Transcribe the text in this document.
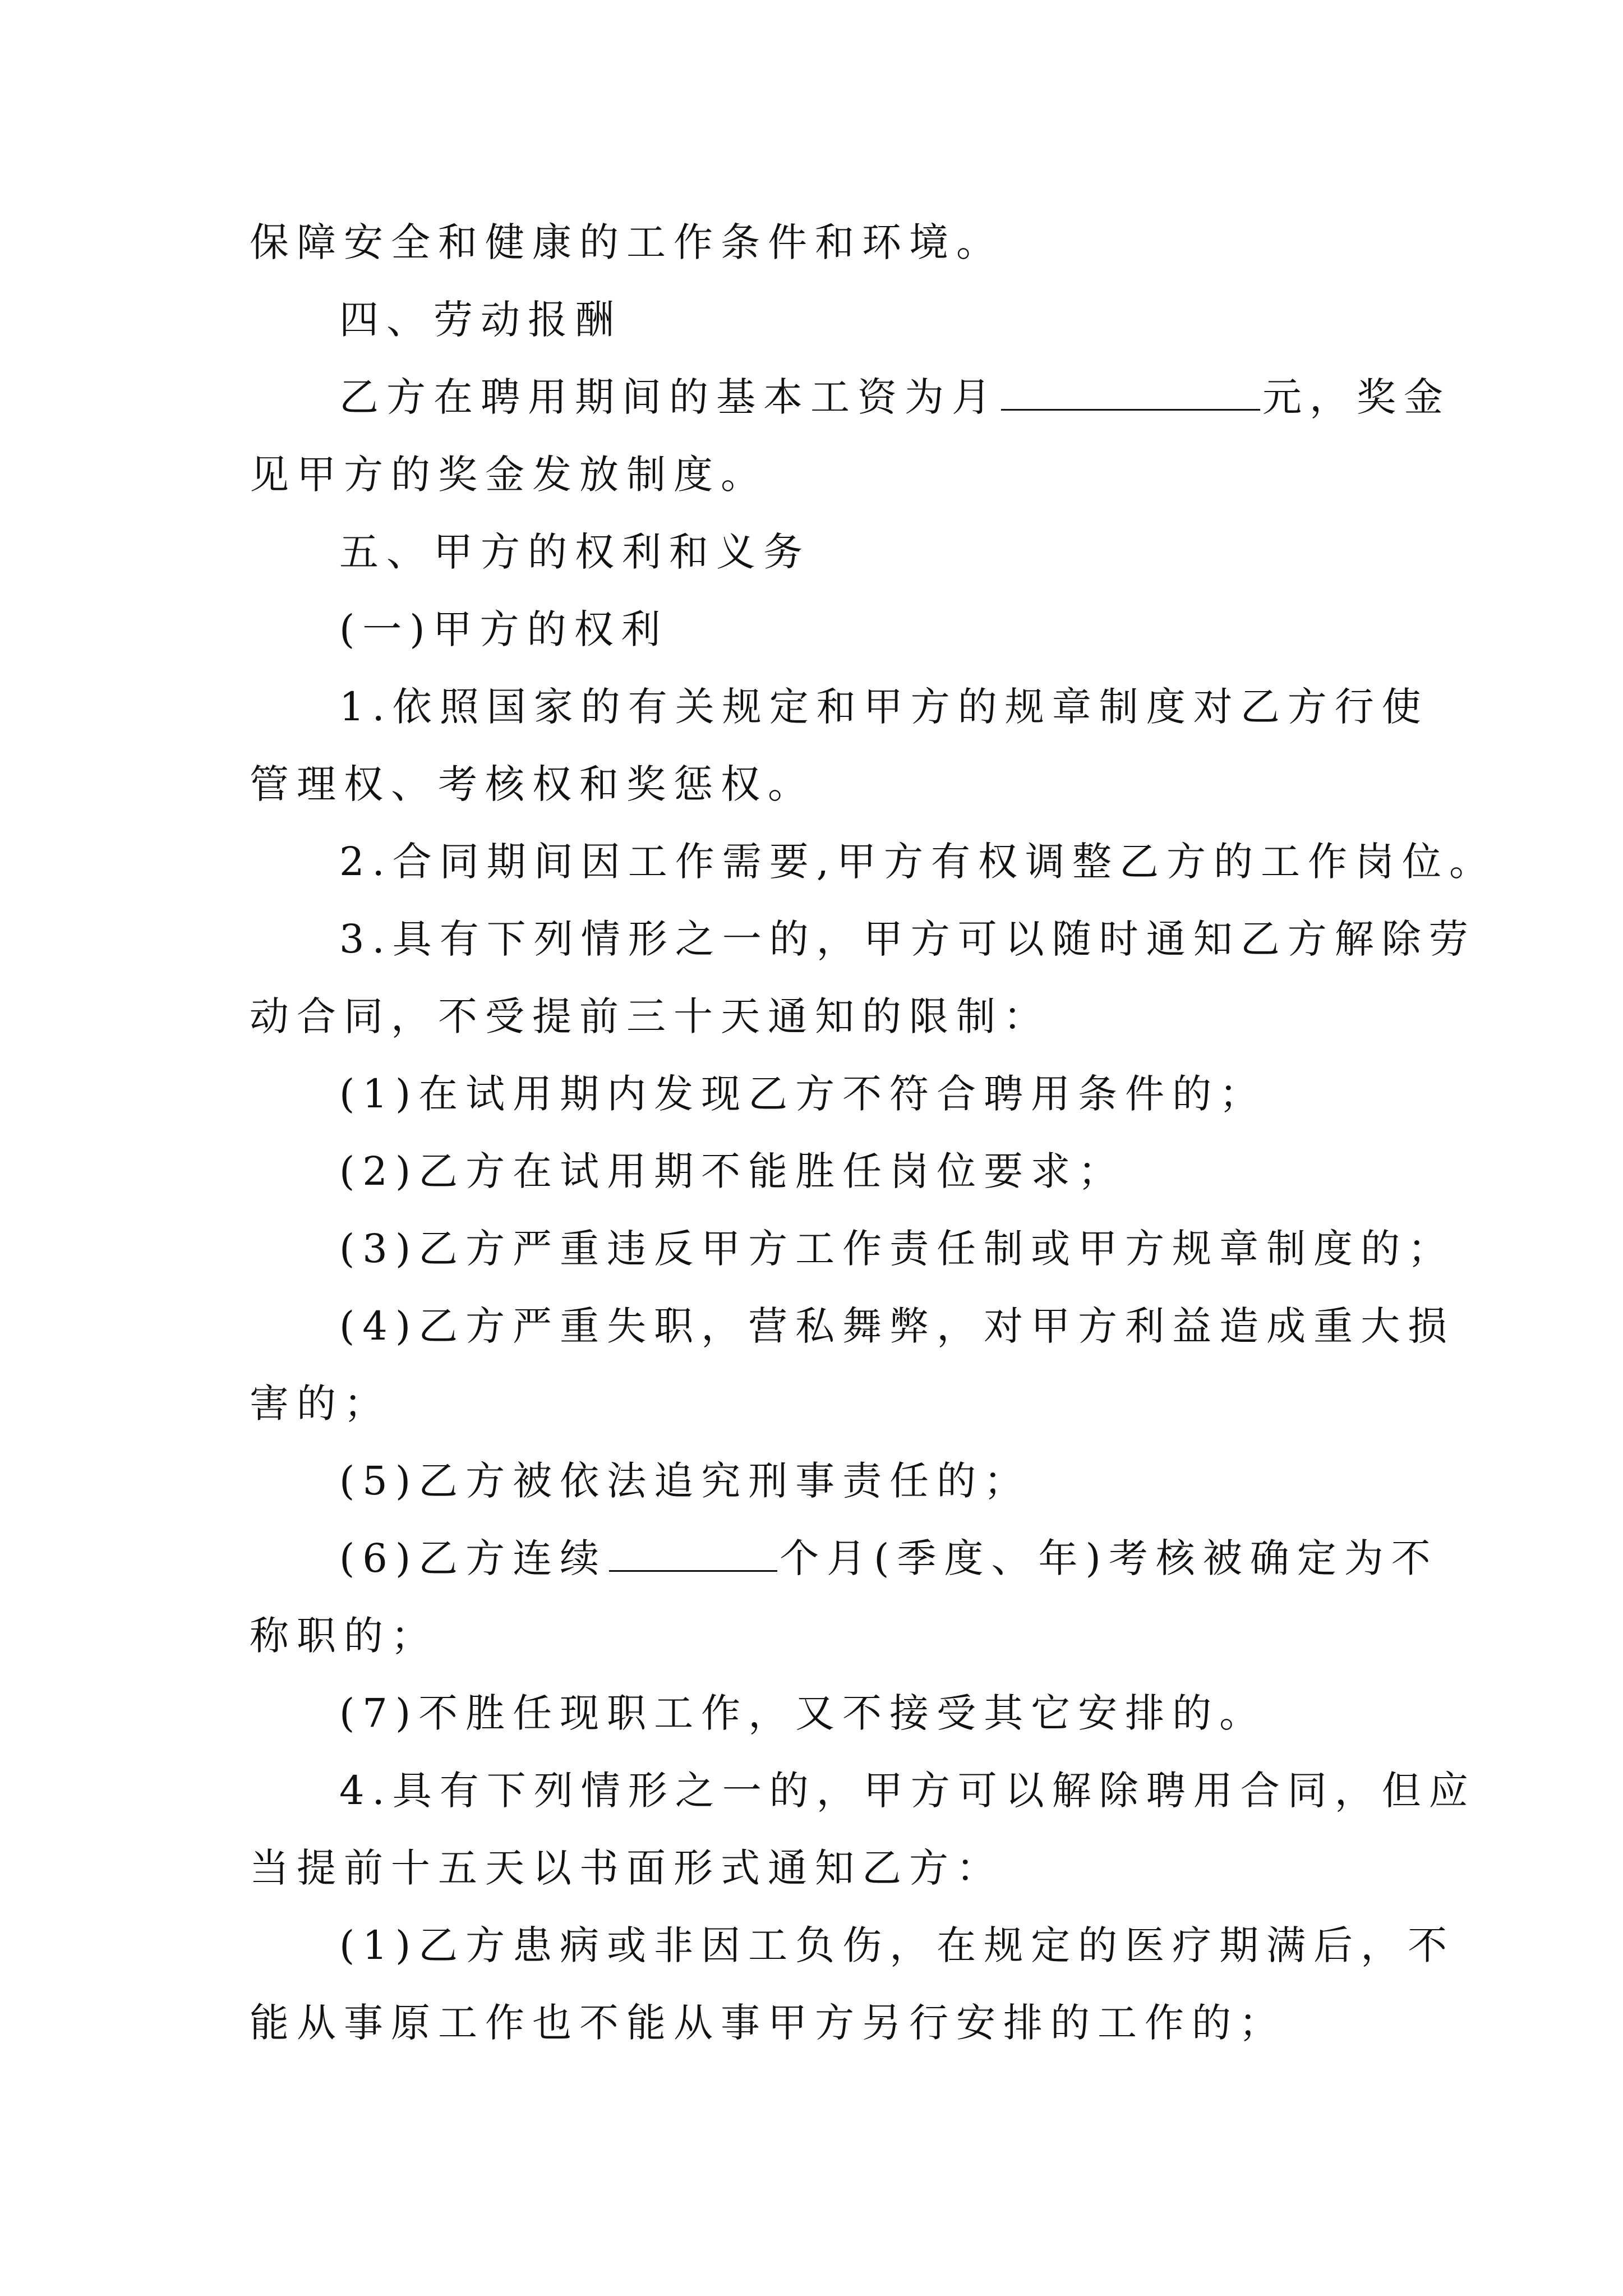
保障安全和健康的工作条件和环境。
四、劳动报酬
乙方在聘用期间的基本工资为月	元，奖金
见甲方的奖金发放制度。
五、甲方的权利和义务
(一)甲方的权利
1.依照国家的有关规定和甲方的规章制度对乙方行使
管理权、考核权和奖惩权。
2.合同期间因工作需要,甲方有权调整乙方的工作岗位。
3.具有下列情形之一的，甲方可以随时通知乙方解除劳
动合同，不受提前三十天通知的限制：
(1)在试用期内发现乙方不符合聘用条件的；
(2)乙方在试用期不能胜任岗位要求；
(3)乙方严重违反甲方工作责任制或甲方规章制度的；
(4)乙方严重失职，营私舞弊，对甲方利益造成重大损
害的；
(5)乙方被依法追究刑事责任的；
(6)乙方连续	个月(季度、年)考核被确定为不
称职的；
(7)不胜任现职工作，又不接受其它安排的。
4.具有下列情形之一的，甲方可以解除聘用合同，但应
当提前十五天以书面形式通知乙方：
(1)乙方患病或非因工负伤，在规定的医疗期满后，不
能从事原工作也不能从事甲方另行安排的工作的；
